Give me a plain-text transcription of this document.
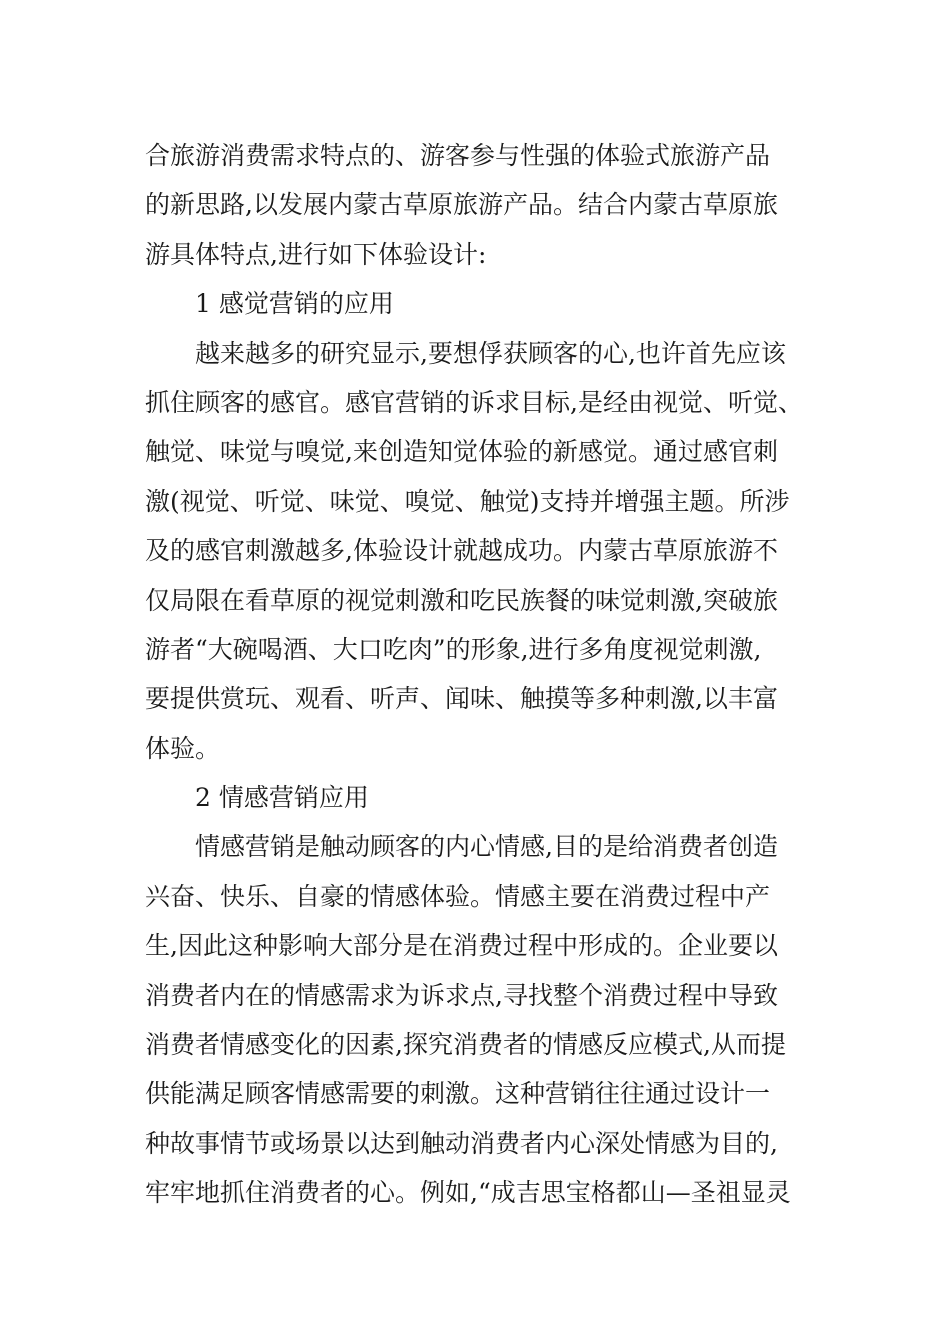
合旅游消费需求特点的、游客参与性强的体验式旅游产品
的新思路,以发展内蒙古草原旅游产品。结合内蒙古草原旅
游具体特点,进行如下体验设计:
1 感觉营销的应用
越来越多的研究显示,要想俘获顾客的心,也许首先应该
抓住顾客的感官。感官营销的诉求目标,是经由视觉、听觉、
触觉、味觉与嗅觉,来创造知觉体验的新感觉。通过感官刺
激(视觉、听觉、味觉、嗅觉、触觉)支持并增强主题。所涉
及的感官刺激越多,体验设计就越成功。内蒙古草原旅游不
仅局限在看草原的视觉刺激和吃民族餐的味觉刺激,突破旅
游者“大碗喝酒、大口吃肉”的形象,进行多角度视觉刺激,
要提供赏玩、观看、听声、闻味、触摸等多种刺激,以丰富
体验。
2 情感营销应用
情感营销是触动顾客的内心情感,目的是给消费者创造
兴奋、快乐、自豪的情感体验。情感主要在消费过程中产
生,因此这种影响大部分是在消费过程中形成的。企业要以
消费者内在的情感需求为诉求点,寻找整个消费过程中导致
消费者情感变化的因素,探究消费者的情感反应模式,从而提
供能满足顾客情感需要的刺激。这种营销往往通过设计一
种故事情节或场景以达到触动消费者内心深处情感为目的,
牢牢地抓住消费者的心。例如,“成吉思宝格都山—圣祖显灵
